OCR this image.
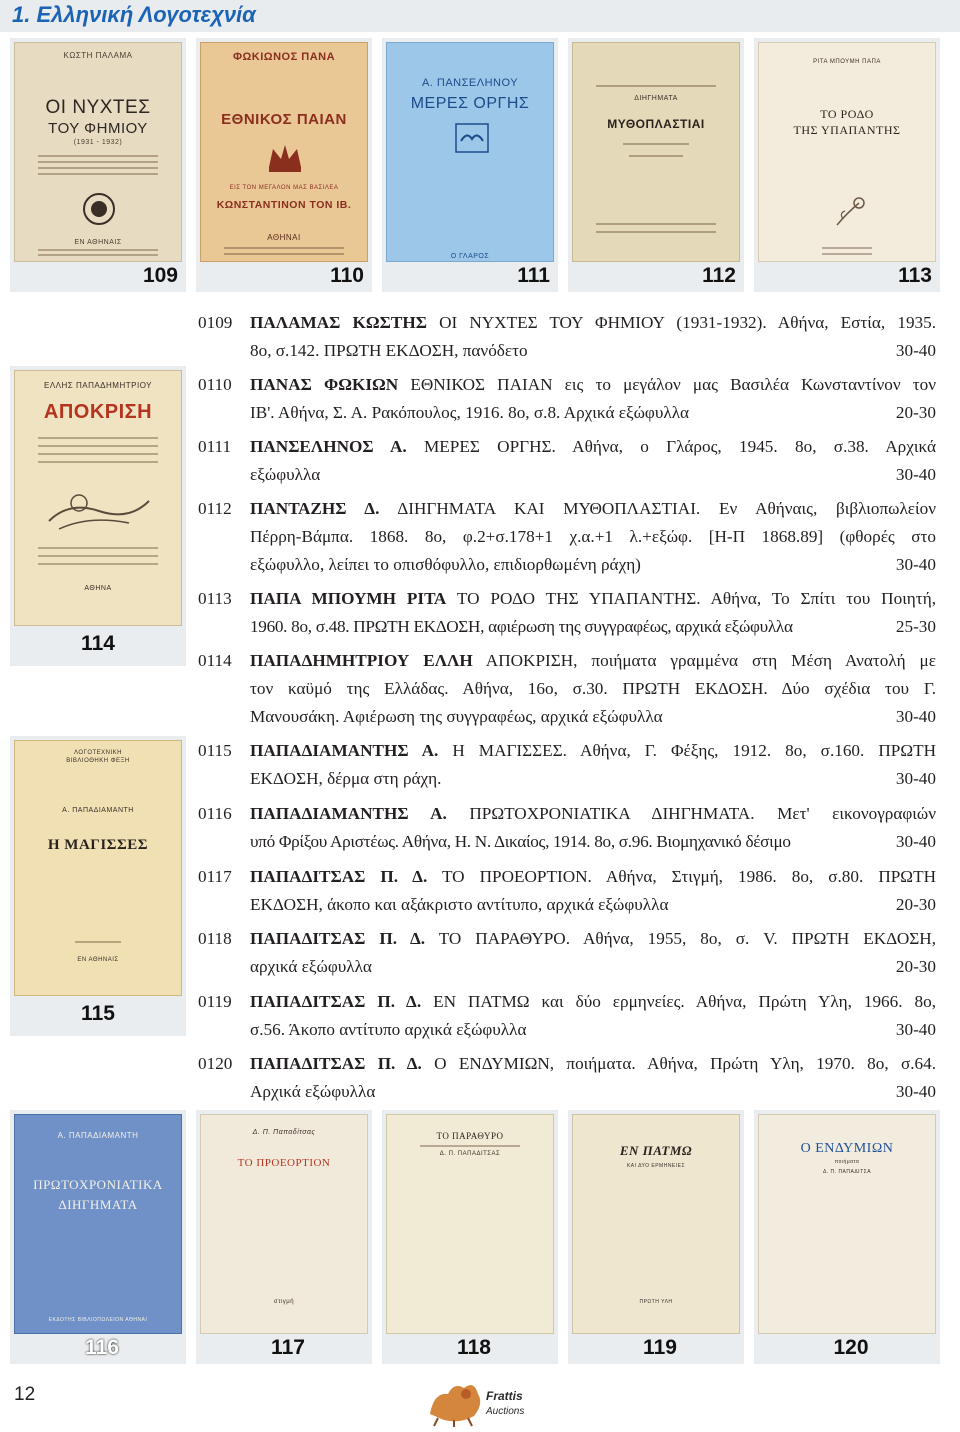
1. Ελληνική Λογοτεχνία
ΚΩΣΤΗ ΠΑΛΑΜΑ
ΟΙ ΝΥΧΤΕΣ
ΤΟΥ ΦΗΜΙΟΥ
(1931 - 1932)
ΕΝ ΑΘΗΝΑΙΣ
109
ΦΩΚΙΩΝΟΣ ΠΑΝΑ
ΕΘΝΙΚΟΣ ΠΑΙΑΝ
ΕΙΣ ΤΟΝ ΜΕΓΑΛΟΝ ΜΑΣ ΒΑΣΙΛΕΑ
ΚΩΝΣΤΑΝΤΙΝΟΝ ΤΟΝ ΙΒ.
ΑΘΗΝΑΙ
110
Α. ΠΑΝΣΕΛΗΝΟΥ
ΜΕΡΕΣ ΟΡΓΗΣ
Ο ΓΛΑΡΟΣ
111
ΔΙΗΓΗΜΑΤΑ
ΜΥΘΟΠΛΑΣΤΙΑΙ
112
ΡΙΤΑ ΜΠΟΥΜΗ ΠΑΠΑ
ΤΟ ΡΟΔΟ
ΤΗΣ ΥΠΑΠΑΝΤΗΣ
113
ΕΛΛΗΣ ΠΑΠΑΔΗΜΗΤΡΙΟΥ
ΑΠΟΚΡΙΣΗ
ΑΘΗΝΑ
114
ΛΟΓΟΤΕΧΝΙΚΗ ΒΙΒΛΙΟΘΗΚΗ ΦΕΞΗ
Α. ΠΑΠΑΔΙΑΜΑΝΤΗ
Η ΜΑΓΙΣΣΕΣ
ΕΝ ΑΘΗΝΑΙΣ
115
0109	ΠΑΛΑΜΑΣ ΚΩΣΤΗΣ ΟΙ ΝΥΧΤΕΣ ΤΟΥ ΦΗΜΙΟΥ (1931-1932). Αθήνα, Εστία, 1935.
30-40
8ο, σ.142. ΠΡΩΤΗ ΕΚΔΟΣΗ, πανόδετο
0110	ΠΑΝΑΣ ΦΩΚΙΩΝ ΕΘΝΙΚΟΣ ΠΑΙΑΝ εις το μεγάλον μας Βασιλέα Κωνσταντίνον τον
20-30
ΙΒ'. Αθήνα, Σ. Α. Ρακόπουλος, 1916. 8ο, σ.8. Αρχικά εξώφυλλα
0111	ΠΑΝΣΕΛΗΝΟΣ Α. ΜΕΡΕΣ ΟΡΓΗΣ. Αθήνα, ο Γλάρος, 1945. 8ο, σ.38. Αρχικά
30-40
εξώφυλλα
0112	ΠΑΝΤΑΖΗΣ Δ. ΔΙΗΓΗΜΑΤΑ ΚΑΙ ΜΥΘΟΠΛΑΣΤΙΑΙ. Εν Αθήναις, βιβλιοπωλείον
Πέρρη-Βάμπα. 1868. 8ο, φ.2+σ.178+1 χ.α.+1 λ.+εξώφ. [Η-Π 1868.89] (φθορές στο
30-40
εξώφυλλο, λείπει το οπισθόφυλλο, επιδιορθωμένη ράχη)
0113	ΠΑΠΑ ΜΠΟΥΜΗ ΡΙΤΑ ΤΟ ΡΟΔΟ ΤΗΣ ΥΠΑΠΑΝΤΗΣ. Αθήνα, Το Σπίτι του Ποιητή,
25-30
1960. 8ο, σ.48. ΠΡΩΤΗ ΕΚΔΟΣΗ, αφιέρωση της συγγραφέως, αρχικά εξώφυλλα
0114	ΠΑΠΑΔΗΜΗΤΡΙΟΥ ΕΛΛΗ ΑΠΟΚΡΙΣΗ, ποιήματα γραμμένα στη Μέση Ανατολή με
τον καϋμό της Ελλάδας. Αθήνα, 16ο, σ.30. ΠΡΩΤΗ ΕΚΔΟΣΗ. Δύο σχέδια του Γ.
30-40
Μανουσάκη. Αφιέρωση της συγγραφέως, αρχικά εξώφυλλα
0115	ΠΑΠΑΔΙΑΜΑΝΤΗΣ Α. Η ΜΑΓΙΣΣΕΣ. Αθήνα, Γ. Φέξης, 1912. 8ο, σ.160. ΠΡΩΤΗ
30-40
ΕΚΔΟΣΗ, δέρμα στη ράχη.
0116	ΠΑΠΑΔΙΑΜΑΝΤΗΣ Α. ΠΡΩΤΟΧΡΟΝΙΑΤΙΚΑ ΔΙΗΓΗΜΑΤΑ. Μετ' εικονογραφιών
30-40
υπό Φρίξου Αριστέως. Αθήνα, Η. Ν. Δικαίος, 1914. 8ο, σ.96. Βιομηχανικό δέσιμο
0117	ΠΑΠΑΔΙΤΣΑΣ Π. Δ. ΤΟ ΠΡΟΕΟΡΤΙΟΝ. Αθήνα, Στιγμή, 1986. 8ο, σ.80. ΠΡΩΤΗ
20-30
ΕΚΔΟΣΗ, άκοπο και αξάκριστο αντίτυπο, αρχικά εξώφυλλα
0118	ΠΑΠΑΔΙΤΣΑΣ Π. Δ. ΤΟ ΠΑΡΑΘΥΡΟ. Αθήνα, 1955, 8ο, σ. V. ΠΡΩΤΗ ΕΚΔΟΣΗ,
20-30
αρχικά εξώφυλλα
0119	ΠΑΠΑΔΙΤΣΑΣ Π. Δ. ΕΝ ΠΑΤΜΩ και δύο ερμηνείες. Αθήνα, Πρώτη Υλη, 1966. 8ο,
30-40
σ.56. Άκοπο αντίτυπο αρχικά εξώφυλλα
0120	ΠΑΠΑΔΙΤΣΑΣ Π. Δ. Ο ΕΝΔΥΜΙΩΝ, ποιήματα. Αθήνα, Πρώτη Υλη, 1970. 8ο, σ.64.
30-40
Αρχικά εξώφυλλα
Α. ΠΑΠΑΔΙΑΜΑΝΤΗ
ΠΡΩΤΟΧΡΟΝΙΑΤΙΚΑ
ΔΙΗΓΗΜΑΤΑ
ΕΚΔΟΤΗΣ ΒΙΒΛΙΟΠΩΛΕΙΟΝ ΑΘΗΝΑΙ
116
Δ. Π. Παπαδίτσας
ΤΟ ΠΡΟΕΟΡΤΙΟΝ
στιγμή
117
ΤΟ ΠΑΡΑΘΥΡΟ
Δ. Π. ΠΑΠΑΔΙΤΣΑΣ
118
ΕΝ ΠΑΤΜΩ
ΚΑΙ ΔΥΟ ΕΡΜΗΝΕΙΕΣ
ΠΡΩΤΗ ΥΛΗ
119
Ο ΕΝΔΥΜΙΩΝ
ποιήματα
Δ. Π. ΠΑΠΑΔΙΤΣΑ
120
12	Frattis
Auctions
